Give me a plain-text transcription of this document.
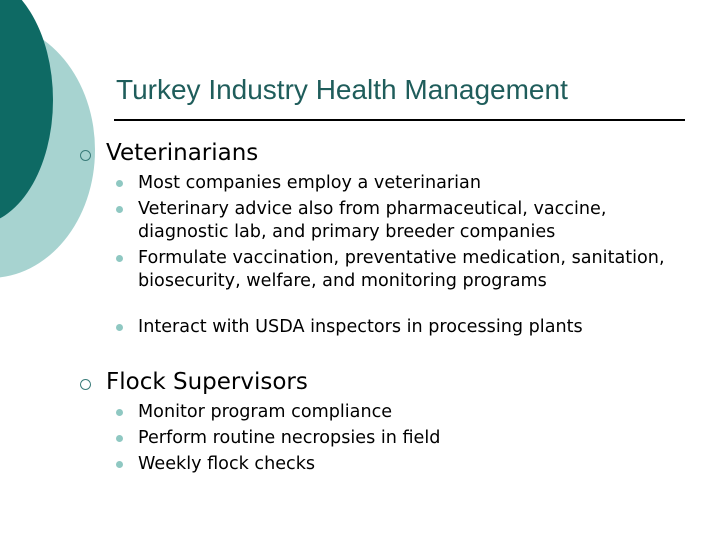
Turkey Industry Health Management
Veterinarians
Most companies employ a veterinarian
Veterinary advice also from pharmaceutical, vaccine, diagnostic lab, and primary breeder companies
Formulate vaccination, preventative medication, sanitation, biosecurity, welfare, and monitoring programs
Interact with USDA inspectors in processing plants
Flock Supervisors
Monitor program compliance
Perform routine necropsies in field
Weekly flock checks
